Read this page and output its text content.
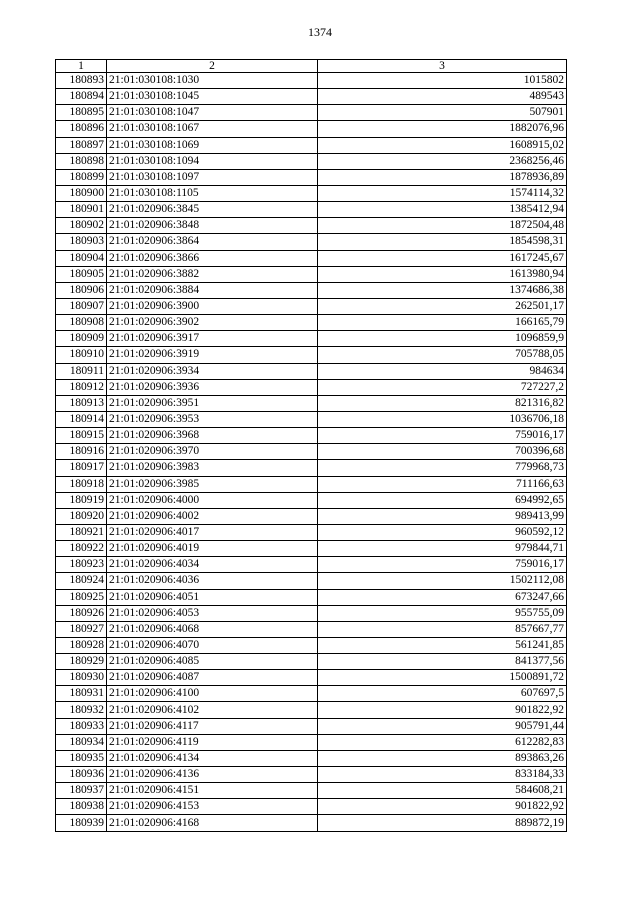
1374
1	2	3
180893	21:01:030108:1030	1015802
180894	21:01:030108:1045	489543
180895	21:01:030108:1047	507901
180896	21:01:030108:1067	1882076,96
180897	21:01:030108:1069	1608915,02
180898	21:01:030108:1094	2368256,46
180899	21:01:030108:1097	1878936,89
180900	21:01:030108:1105	1574114,32
180901	21:01:020906:3845	1385412,94
180902	21:01:020906:3848	1872504,48
180903	21:01:020906:3864	1854598,31
180904	21:01:020906:3866	1617245,67
180905	21:01:020906:3882	1613980,94
180906	21:01:020906:3884	1374686,38
180907	21:01:020906:3900	262501,17
180908	21:01:020906:3902	166165,79
180909	21:01:020906:3917	1096859,9
180910	21:01:020906:3919	705788,05
180911	21:01:020906:3934	984634
180912	21:01:020906:3936	727227,2
180913	21:01:020906:3951	821316,82
180914	21:01:020906:3953	1036706,18
180915	21:01:020906:3968	759016,17
180916	21:01:020906:3970	700396,68
180917	21:01:020906:3983	779968,73
180918	21:01:020906:3985	711166,63
180919	21:01:020906:4000	694992,65
180920	21:01:020906:4002	989413,99
180921	21:01:020906:4017	960592,12
180922	21:01:020906:4019	979844,71
180923	21:01:020906:4034	759016,17
180924	21:01:020906:4036	1502112,08
180925	21:01:020906:4051	673247,66
180926	21:01:020906:4053	955755,09
180927	21:01:020906:4068	857667,77
180928	21:01:020906:4070	561241,85
180929	21:01:020906:4085	841377,56
180930	21:01:020906:4087	1500891,72
180931	21:01:020906:4100	607697,5
180932	21:01:020906:4102	901822,92
180933	21:01:020906:4117	905791,44
180934	21:01:020906:4119	612282,83
180935	21:01:020906:4134	893863,26
180936	21:01:020906:4136	833184,33
180937	21:01:020906:4151	584608,21
180938	21:01:020906:4153	901822,92
180939	21:01:020906:4168	889872,19
